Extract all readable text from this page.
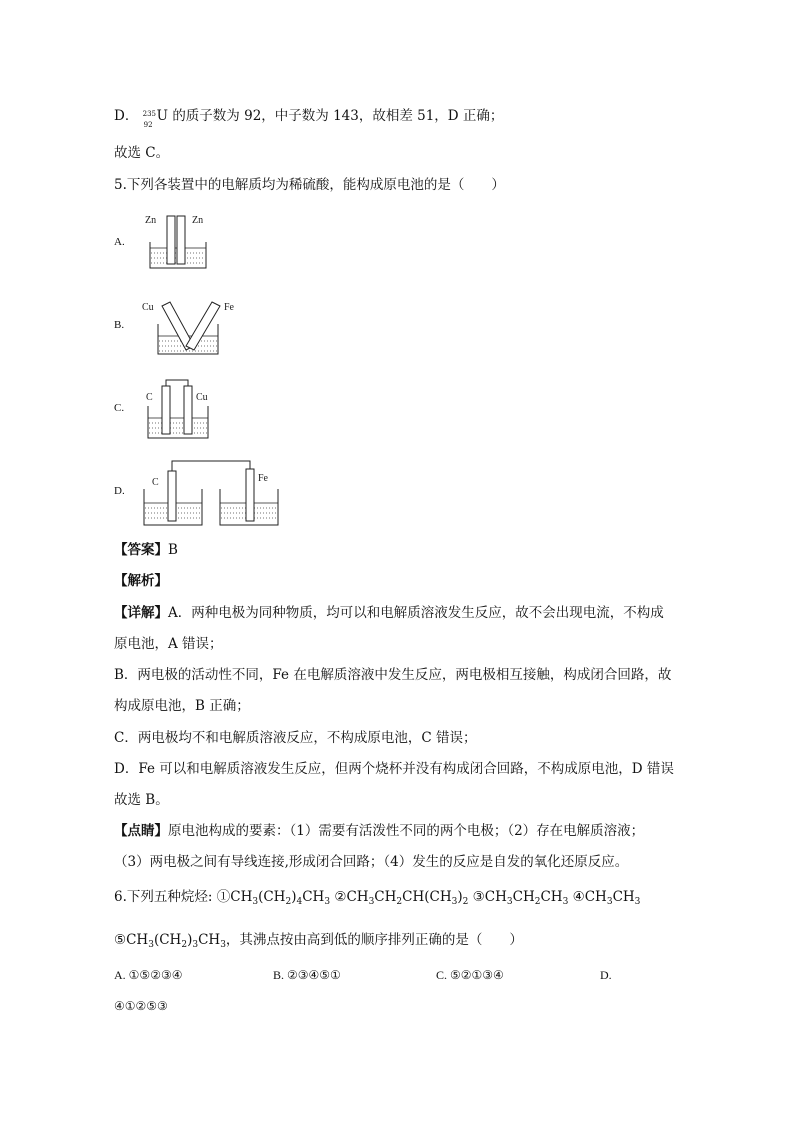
D． 235
92
U 的质子数为 92，中子数为 143，故相差 51，D 正确；
故选 C。
5.下列各装置中的电解质均为稀硫酸，能构成原电池的是（　　）
A.
Zn	Zn
B.
Cu	Fe
C.
C	Cu
D.
C	Fe
【答案】B
【解析】
【详解】A．两种电极为同种物质，均可以和电解质溶液发生反应，故不会出现电流，不构成
原电池，A 错误；
B．两电极的活动性不同，Fe 在电解质溶液中发生反应，两电极相互接触，构成闭合回路，故
构成原电池，B 正确；
C．两电极均不和电解质溶液反应，不构成原电池，C 错误；
D．Fe 可以和电解质溶液发生反应，但两个烧杯并没有构成闭合回路，不构成原电池，D 错误
故选 B。
【点睛】原电池构成的要素：（1）需要有活泼性不同的两个电极；（2）存在电解质溶液；
（3）两电极之间有导线连接,形成闭合回路；（4）发生的反应是自发的氧化还原反应。
6.下列五种烷烃: $①CH_3(CH_2)_4CH_3$ $②CH_3CH_2CH(CH_3)_2$ $③CH_3CH_2CH_3$ $④CH_3CH_3$
$⑤CH_3(CH_2)_3CH_3$，其沸点按由高到低的顺序排列正确的是（　　）
A. ①⑤②③④	B. ②③④⑤①	C. ⑤②①③④	D.
④①②⑤③
